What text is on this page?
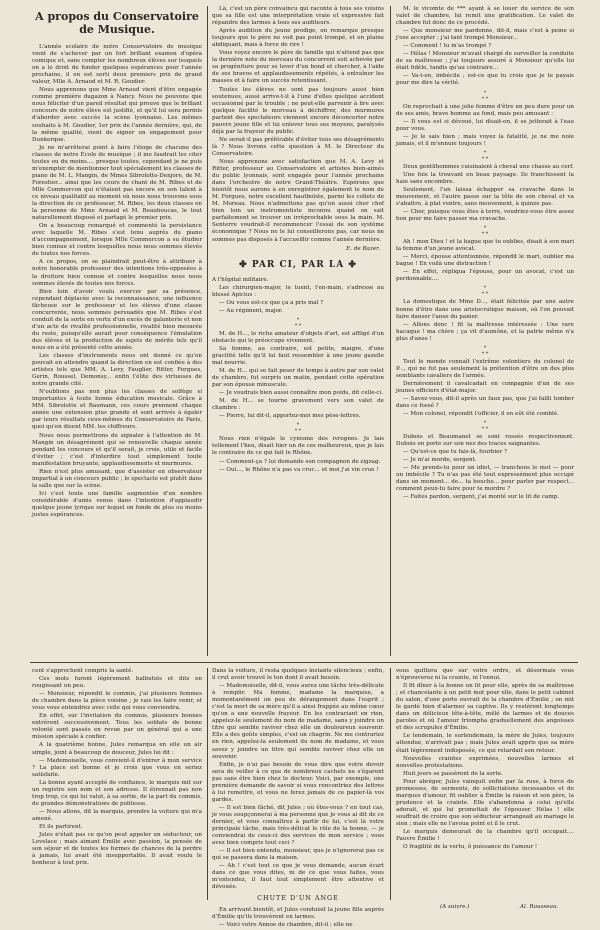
A propos du Conservatoire de Musique.

L'année scolaire de notre Conservatoire de musique vient de s'achever par un fort brillant examen d'opéra comique et, sans compter les nombreux élèves sur lesquels on a le droit de fonder quelques espérances pour l'année prochaine, il en est sorti deux premiers prix de grand valeur, Mlle A. Arnaud et M. R. Goudier.

Nous apprenons que Mme Arnaud vient d'être engagée comme première dugazon à Nancy. Nous ne pouvons que nous féliciter d'un pareil résultat qui prouve que le brillant concours de notre élève est justifié, et qu'il lui sera permis d'aborder avec succès la scène lyonnaise. Les mêmes souhaits à M. Goudier, 1er prix de l'année dernière, qui, de la même qualité, vient de signer un engagement pour Dunkerque.

Je ne m'arrêterai point à faire l'éloge de chacune des classes de notre École de musique ; il me faudrait les citer toutes ou du moins.... presque toutes, cependant je ne puis m'exempter de mentionner tout spécialement les classes de piano de M. L. Mangin, de Mmes Sibrolotte-Denjore, de M. Forestier... ainsi que les cours de chant de M. Ribes et de Mlle Commercon qui n'étaient pas encore en son talent à ce niveau qualitatif au moment où nous nous trouvons sous la direction de ce professeur, M. Ribes, les deux classes en la personne de Mme Arnaud et M. Beauboucas, le tout naturellement disposé et partagé le premier prix.

On a beaucoup remarqué et commenté la persistance avec laquelle M. Ribes s'est tenu auprès du piano d'accompagnement, lorsque Mlle Commercon a su étudier bien connue et contre lesquelles nous nous sommes élevés de toutes nos forces.

A ce propos, on se plaindrait peut-être à attribuer à notre honorable professeur des intentions très-opposées à la droiture bien connue et contre lesquelles nous nous sommes élevés de toutes nos forces.

Bien loin d'avoir voulu exercer par sa présence, cependant déplacée avec la reconnaissance, une influence fâcheuse sur le professeur et les élèves d'une classe concurrente, nous sommes persuadés que M. Ribes s'est conduit de la sorte en vertu d'un excès de galanterie et non d'un acte de rivalité professionnelle, rivalité bien mesurée du reste, puisqu'elle aurait pour conséquence l'émulation des élèves et la production de sujets de mérite tels qu'il nous en a été présenté cette année.

Les classes d'instruments nous ont donné ce qu'on pouvait en attendre quand la direction en est confiée à des artistes tels que MM. A. Levy, Fauglier, Ritter, Forgues, Gerin, Roussel, Demonsy... enfin l'élite des virtuoses de notre grande cité.

N'oublions pas non plus les classes de solfège si importantes à toute bonne éducation musicale. Grâce à MM. Sibrolotte et Baumann, ces cours prennent chaque année une extension plus grande et sont arrivés à égaler par leurs résultats ceux-mêmes du Conservatoire de Paris, quoi qu'en disent MM. les chiffreurs.

Nous nous permettrons de signaler à l'attention de M. Mangin un désagrément qui se renouvelle chaque année pendant les concours et qu'il serait, je crois, utile et facile d'éviter ; c'est d'interdire tout simplement toute manifestation bruyante, applaudissements et murmures.

Rien n'est plus amusant, que d'assister en observateur impartial à un concours public ; le spectacle est plutôt dans la salle que sur la scène.

Ici c'est toute une famille augmentée d'un nombre considérable d'amis venus dans l'intention d'applaudir quelque jeune lyrique sur lequel on fonde de plus ou moins justes espérances.

Là, c'est un père convaincu qui raconte à tous ses voisins que sa fille est une interprétation vraie et expressive fait répandre des larmes à tous ses auditeurs.

Après audition du jeune prodige, on remarque presque toujours que le père ne voit pas point trompé, et en plaine abdiquant, mais à force de rire !

Vous voyez encore le père de famille qui n'attend pas que la dernière note du morceau du concurrent soit achevée par sa progéniture pour se lever d'un bond et chercher, à l'aide de ses bravos et applaudissements répétés, à entraîner les masses et à faire un succès retentissant.

Toutes les élèves ne sont pas toujours aussi bien soutenues, aussi arrive-t-il à l'une d'elles quelque accident occasionné par le trouble ; ne peut-elle parvenir à lire avec quelque facilité le morceau à déchiffrer, des murmures partent des spectateurs viennent encore déconcerter notre pauvre jeune fille et lui enlever tous ses moyens, paralysés déjà par la frayeur du public.

Ne serait-il pas préférable d'éviter tous ses désagréments là ? Nous livrons cette question à M. le Directeur du Conservatoire.

Nous apprenons avec satisfaction que M. A. Levy et Ritter, professeur au Conservatoire et artistes bien-aimés du public lyonnais, sont engagés pour l'année prochaine dans l'orchestre de notre Grand-Théâtre. Espérons que bientôt nous aurons à en enregistrer également le nom de M. Forgues, notre excellent hautboïste, parmi les collets de M. Moreau. Nous n'admettons pas qu'un aussi cher chef bien loin un instrumentiste inconnu quand on sait parfaitement se trouver un irréprochable sous la main. M. Senterre voudrait-il recommencer l'essai de son système économique ? Nous ne le lui conseillerons pas, car nous ne sommes pas disposés à l'accueillir comme l'année dernière.

E. de Bazer.
✤ PAR CI, PAR LA ✤

A l'hôpital militaire.

Les chirurgien-major, le tuent, l'en-main, s'adresse au blessé Apicius :

— Ou vous est-ce que ça a pris mal ?

— Au régiment, major.

*
* *

M. de H..., le riche amateur d'objets d'art, est affligé d'un obstacle qui le préoccupe vivement.

Sa femme, au contraire, est petite, maigre, d'une gracilité telle qu'il lui faut ressembler à une jeune gazelle mal nourrie.

M. de H... qui se fait peser de temps à autre par son valet de chambre, fut surpris un matin, pendant cette opération par son épouse minuscule.

— Je voudrais bien aussi connaître mon poids, dit celle-ci.

M. de H... se tourne gravement vers son valet de chambre :

— Pierre, lui dit-il, apportez-moi mes pèse-lettres.

*
* *

Nous rien n'égale le cynisme des ivrognes. Je lais tellement l'heu, disait hier un de ces malheureux, que je lais le contraire de ce qui fait le Rhône.

— Comment-ça ? lui demande son compagnon de zigzag.

— Oui..., le Rhône n'a pas va cruc... et moi j'ai vin crue !

M. le vicomte de *** ayant à se louer du service de son valet de chambre, lui remit une gratification. Le valet de chambre fut donc de ce procédé.

— Que monsieur me pardonne, dit-il, mais c'est à peine si j'ose accepter ; j'ai tant trompé Monsieur...

— Comment ! tu m'as trompé ?

— Hélas ! Monsieur m'avait chargé de surveiller la conduite de sa maîtresse ; j'ai toujours assuré à Monsieur qu'elle lui était fidèle, tandis qu'au contraire...

— Va-t-en, imbécile ; est-ce que tu crois que je te payais pour me dire la vérité.

*
* *

On reprochait à une jolie femme d'être un peu dure pour un de ses amis, brave homme au fond, mais peu amusant :

— Il vous est si dévoué, lui disait-on, il se jetterait à l'eau pour vous.

— Je le sais bien ; mais voyez la fatalité, je ne me noie jamais, et il m'ennuie toujours !

*
* *

Deux gentilhommes cuisinaient à cheval une chasse au cerf.

Une fois la trouvant en beau paysage. Ils franchissent la haie sans encombre.

Seulement, l'un laissa échapper sa cravache dans le mouvement, et l'autre passe sur la tête de son cheval et va s'abattre, à plat ventre, sans mouvement, à quinze pas.

— Cher, puisque vous êtes à terre, voudriez-vous être assez bon pour me faire passer ma cravache.

*
* *

Ah ! mon Dieu ! et la bague que tu oublies, disait à son mari la femme d'un jeune avocat.

— Merci, épouse attentionnée, répondit le mari, oublier ma bague ! En voilà une distraction !

— En effet, répliqua l'épouse, pour un avocat, c'est un perdonnable....

*
* *

La domestique de Mme D..., était félicitée par une autre bonne d'être dans une aristocratique maison, où l'on pouvait faire danser l'anse du panier.

— Allons donc ! fit la maîtresse intéressée : Une rare hacaque ! ma chère ; ça vit d'aumône, et la patrie même n'a plus d'anse !

*
* *

Tout le monde connaît l'extrême volontiers du colonel de P..., qui ne fut pas seulement la prétention d'être un des plus semblants cavaliers de l'armée.

Dernièrement il cavalcadait en compagnie d'un de ses jeunes officiers d'état-major.

— Savez-vous, dit-il après un faux pas, que j'ai failli tomber dans ce fossé ?

— Mon colonel, répondit l'officier, il en eût été comblé.

*
* *

Dubois et Beaumanet se sont rossés respectivement. Dubois en porte sur son nez des traces saignantes.

— Qu'est-ce que tu fais-là, fourbier ?

— Je m'ai morde, sergent.

— Me prends-tu pour un idiot, — tranchons le mot — pour un imbécile ? Tu n'as pas été tout expressément plus occupé dans un moment... de... ta bouche... pour parler par respect... comment peux-tu faire pour te mordre ?

— Faites pardon, sergent, j'ai monté sur le lit de camp.

cent s'approchent compris la santé.

Ces mots furent légèrement balbutiés et dits en rougissant un peu.

— Monsieur, répondit le commis, j'ai plusieurs femmes de chambre dans la pièce voisine ; je vais les faire venir, et vous vous entendrez avec celle qui vous conviendra.

En effet, sur l'invitation du commis, plusieurs bonnes entrèrent successivement. Tous les soldats de bonne volonté sont passés en revue par un général qui a une mission spéciale à confier.

A la quatrième bonne, Jules remarqua en elle un air simple, joint à beaucoup de douceur, Jules lui dit :

— Mademoiselle, vous convient-il d'entrer à mon service ? La place est bonne et je crois que vous en seriez satisfaite.

La bonne ayant accepté de confiance, le marquis mit sur un registre son nom et son adresse. Il étrennait pas non trop trop, ce qui lui valut, à sa sortie, de la part du commis, de grandes démonstrations de politesse.

— Nous allons, dit la marquis, prendre la voiture qui m'a amené.

Et ils partirent.

Jules n'était pas ce qu'on peut appeler un séducteur, un Lovelace ; mais aimant Émilie avec passion, la pensée de son séjour et de toutes les formes de chances de la perdre à jamais, lui avait été insupportable. Il avait voulu le bonheur à tout prix.

Dans la voiture, il resta quelques instants silencieux ; enfin, il crut avoir trouvé le ton dont il avait besoin.

— Mademoiselle, dit-il, vous aurez une tâche très-délicate à remplir. Ma femme, madame la marquise, a momentanément un peu de dérangement dans l'esprit ; c'est la mort de sa mère qu'il a ainsi frappée au même cœur qu'on a une nouvelle frayeur. En les contrariant en rien, appelez-le seulement du nom de madame, sans y joindre un titre qui semble raviver chez elle un douloureux souvenir. Elle a des goûts simples, c'est un chagrin. Ne me contrariez en rien, appelez-la seulement du nom de madame, et vous savez y joindre un titre qui semble raviver chez elle un souvenir.

Enfin, je n'ai pas besoin de vous dire que votre devoir sera de veiller à ce que de nombreux cachets ne s'égarent pas sans être bien chez le docteur. Voici, par exemple, une première demande de savoir si vous rencontriez des lettres à lui remettre, et vous ne ferez jamais de ce papier-là vos gardes.

— Il est bien fâché, dit Jules ; où êtes-vous ? en tout cas, je vous soupçonnerai à ma personne que je vous ai dit de ce dernier, et vous connaîtrez à partir de lui, c'est là votre principale tâche, mais très-délicat le rôle de la bonne, — je conviendrai de ceux-ci des services de mon service ; vous avez bien compris tout ceci ?

— Il est bien entendu, monsieur, que je n'ignorerai pas ce qui se passera dans la maison.

— Ah ! c'est tout ce que je vous demande, aucun écart dans ce que vous dites, ni de ce que vous faites, vous m'entendez, il faut tout simplement être attentive et dévouée.

CHUTE D'UN ANGE

En arrivant bientôt, et Jules conduisit la jeune fille auprès d'Émilie qu'ils trouvèrent en larmes.

— Voici votre Annoe de chambre, dit-il ; elle ne

vous quittera que sur votre ordre, et désormais vous n'éprouverez ni la crainte, ni l'ennui.

Il fit dîner à la bonne un lit pour elle, après de sa maîtresse ; et chancelante à un petit mot pour elle, dans le petit cabinet du salon, d'une porte ouvrait de la chambre d'Émilie ; on mit le gardé bien d'alarmer sa captive. Ils y restèrent longtemps dans un délicieux tête-à-tête, mêlé de larmes et de douces paroles et où l'amour triompha graduellement des angoisses et des scrupules d'Émilie.

Le lendemain, le surlendemain, la mère de Jules, toujours attendue, n'arrivait pas ; mais Jules avait appris que sa mère était légèrement indisposée, ce qui retardait son retour.

Nouvelles craintes exprimées, nouvelles larmes et nouvelles protestations.

Huit jours se passèrent de la sorte.

Pour abréger, Jules vainquit enfin par la ruse, à force de promesses, de serments, de sollicitations incessantes et de marques d'amour, fit oublier à Émilie la raison et son père, la prudence et la crainte. Elle s'abandonna à celui qu'elle adorait, et qui lui promettait de l'épouser. Hélas ! elle souffrait de croire que son séducteur arrangeait au mariage le sien ; mais elle ne l'avoua point et il le crut.

Le marquis demeurait de la chambre qu'il occupait.... Pauvre Émilie !

O fragilité de la vertu, ô puissance de l'amour !

(A suivre.)	Al. Rousseau.
